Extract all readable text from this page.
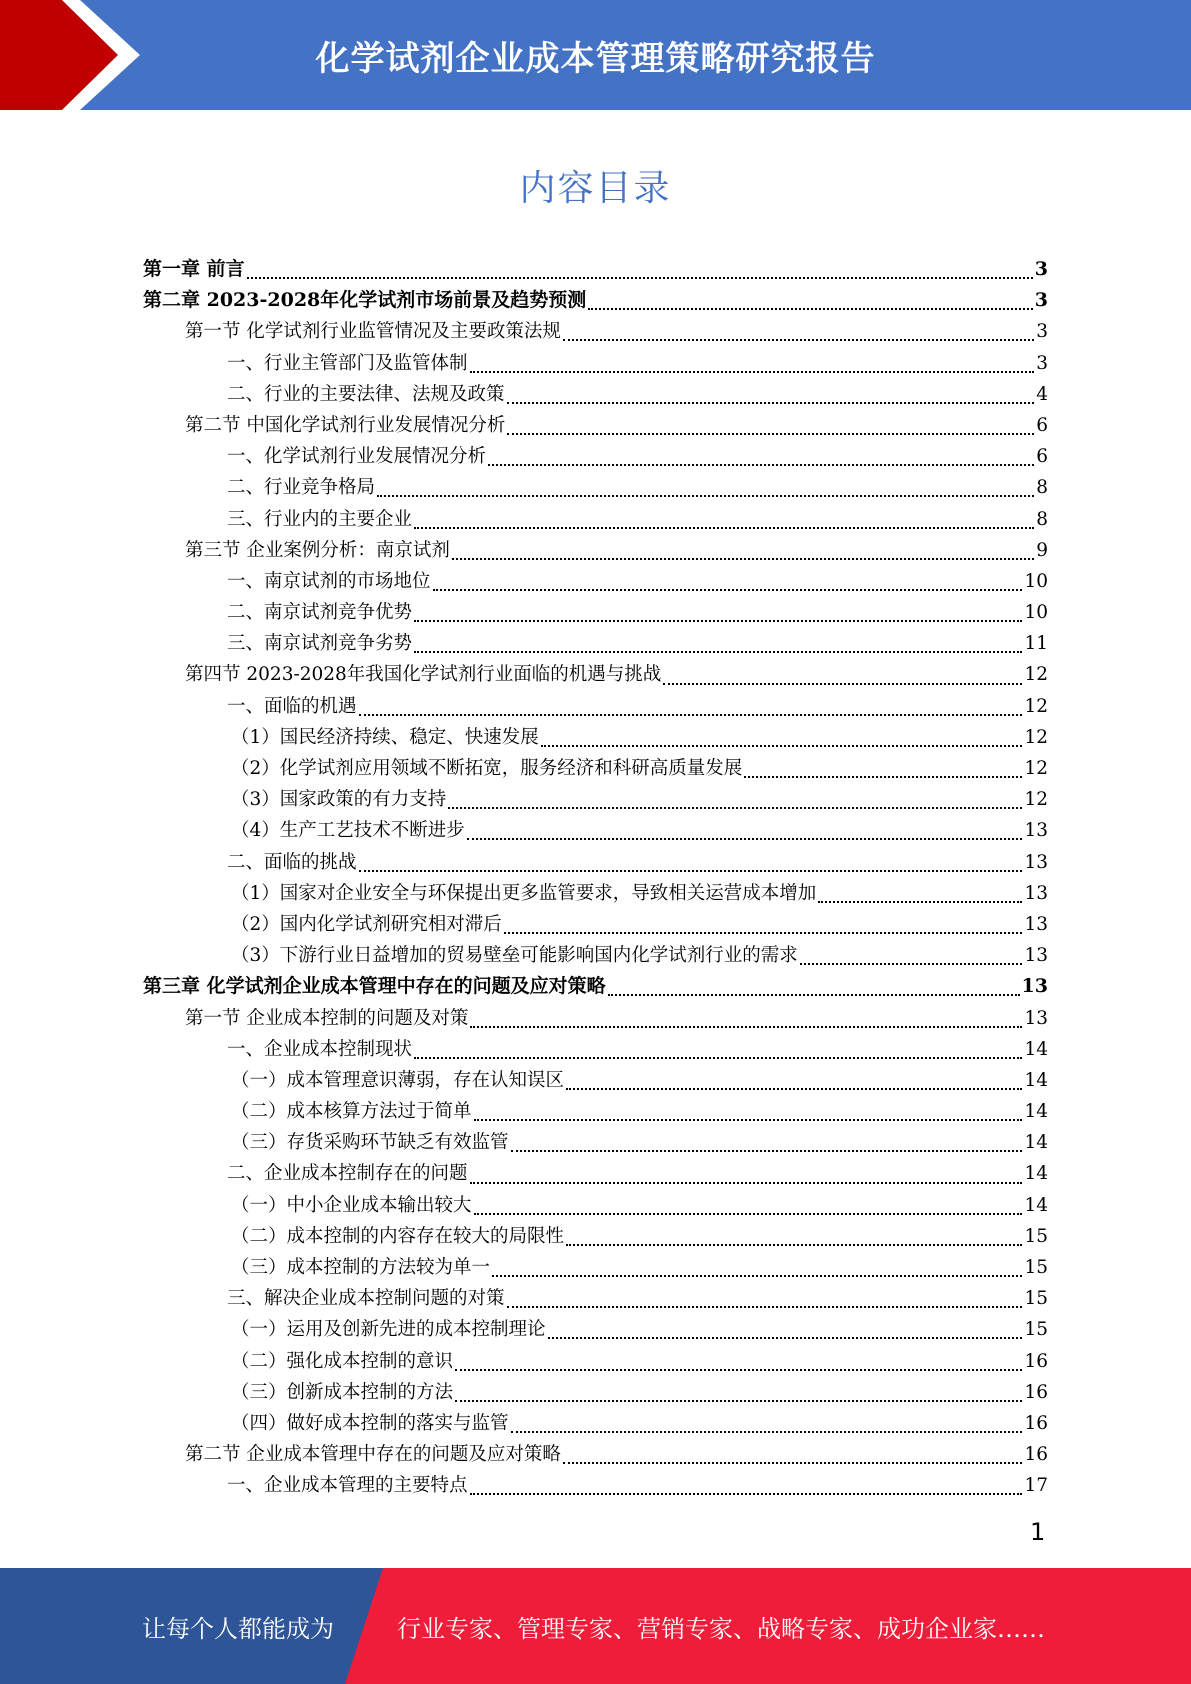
化学试剂企业成本管理策略研究报告
内容目录
第一章 前言	3
第二章 2023-2028年化学试剂市场前景及趋势预测	3
第一节 化学试剂行业监管情况及主要政策法规	3
一、行业主管部门及监管体制	3
二、行业的主要法律、法规及政策	4
第二节 中国化学试剂行业发展情况分析	6
一、化学试剂行业发展情况分析	6
二、行业竞争格局	8
三、行业内的主要企业	8
第三节 企业案例分析：南京试剂	9
一、南京试剂的市场地位	10
二、南京试剂竞争优势	10
三、南京试剂竞争劣势	11
第四节 2023-2028年我国化学试剂行业面临的机遇与挑战	12
一、面临的机遇	12
（1）国民经济持续、稳定、快速发展	12
（2）化学试剂应用领域不断拓宽，服务经济和科研高质量发展	12
（3）国家政策的有力支持	12
（4）生产工艺技术不断进步	13
二、面临的挑战	13
（1）国家对企业安全与环保提出更多监管要求，导致相关运营成本增加	13
（2）国内化学试剂研究相对滞后	13
（3）下游行业日益增加的贸易壁垒可能影响国内化学试剂行业的需求	13
第三章 化学试剂企业成本管理中存在的问题及应对策略	13
第一节 企业成本控制的问题及对策	13
一、企业成本控制现状	14
（一）成本管理意识薄弱，存在认知误区	14
（二）成本核算方法过于简单	14
（三）存货采购环节缺乏有效监管	14
二、企业成本控制存在的问题	14
（一）中小企业成本输出较大	14
（二）成本控制的内容存在较大的局限性	15
（三）成本控制的方法较为单一	15
三、解决企业成本控制问题的对策	15
（一）运用及创新先进的成本控制理论	15
（二）强化成本控制的意识	16
（三）创新成本控制的方法	16
（四）做好成本控制的落实与监管	16
第二节 企业成本管理中存在的问题及应对策略	16
一、企业成本管理的主要特点	17
1
让每个人都能成为	行业专家、管理专家、营销专家、战略专家、成功企业家……
